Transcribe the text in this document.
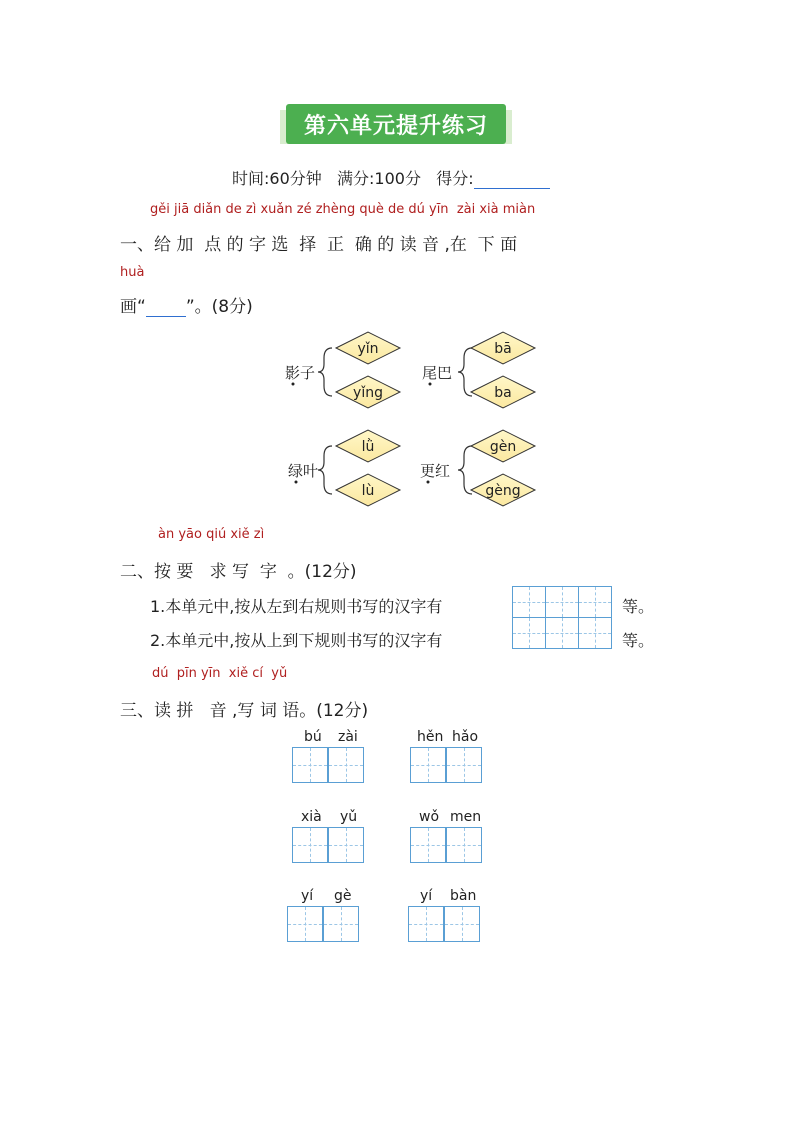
第六单元提升练习
时间:60分钟 满分:100分 得分:
gěi jiā diǎn de zì xuǎn zé zhèng què de dú yīn  zài xià miàn
一、给 加  点 的 字 选  择  正  确 的 读 音 ,在  下 面
huà
画“ ”。(8分)
yǐn
yǐng
bā
ba
lǜ
lù
gèn
gèng
影子	尾巴
绿叶	更红
àn yāo qiú xiě zì
二、按 要   求 写  字  。(12分)
1.本单元中,按从左到右规则书写的汉字有
2.本单元中,按从上到下规则书写的汉字有
等。
等。
dú  pīn yīn  xiě cí  yǔ
三、读 拼   音 ,写 词 语。(12分)
bú zài	hěn hǎo
xià yǔ	wǒ men
yí gè	yí bàn
